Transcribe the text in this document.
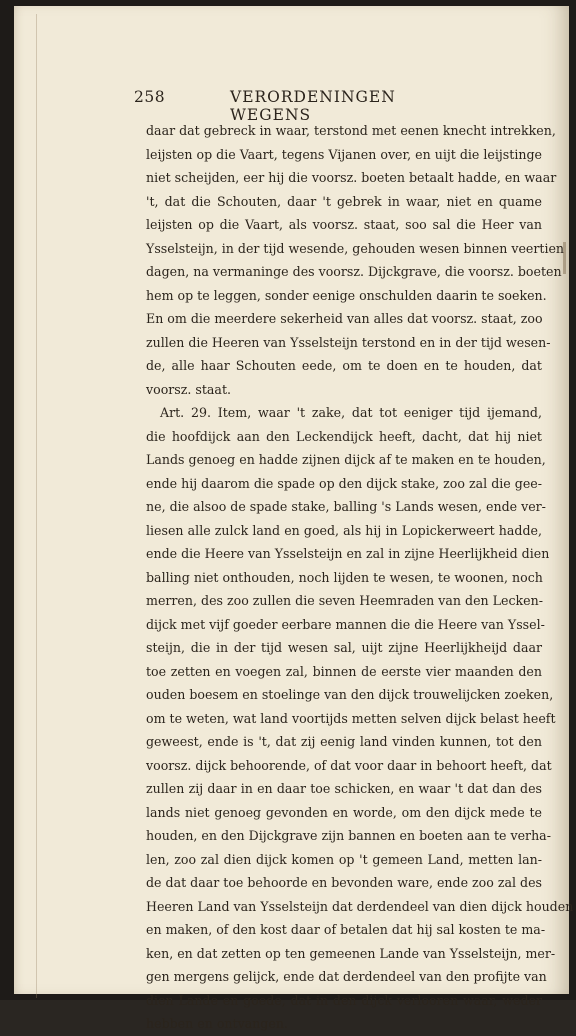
258	VERORDENINGEN WEGENS
daar dat gebreck in waar, terstond met eenen knecht intrekken,
leijsten op die Vaart, tegens Vijanen over, en uijt die leijstinge
niet scheijden, eer hij die voorsz. boeten betaalt hadde, en waar
't, dat die Schouten, daar 't gebrek in waar, niet en quame
leijsten op die Vaart, als voorsz. staat, soo sal die Heer van
Ysselsteijn, in der tijd wesende, gehouden wesen binnen veertien
dagen, na vermaninge des voorsz. Dijckgrave, die voorsz. boeten
hem op te leggen, sonder eenige onschulden daarin te soeken.
En om die meerdere sekerheid van alles dat voorsz. staat, zoo
zullen die Heeren van Ysselsteijn terstond en in der tijd wesen-
de, alle haar Schouten eede, om te doen en te houden, dat
voorsz. staat.
Art. 29. Item, waar 't zake, dat tot eeniger tijd ijemand,
die hoofdijck aan den Leckendijck heeft, dacht, dat hij niet
Lands genoeg en hadde zijnen dijck af te maken en te houden,
ende hij daarom die spade op den dijck stake, zoo zal die gee-
ne, die alsoo de spade stake, balling 's Lands wesen, ende ver-
liesen alle zulck land en goed, als hij in Lopickerweert hadde,
ende die Heere van Ysselsteijn en zal in zijne Heerlijkheid dien
balling niet onthouden, noch lijden te wesen, te woonen, noch
merren, des zoo zullen die seven Heemraden van den Lecken-
dijck met vijf goeder eerbare mannen die die Heere van Yssel-
steijn, die in der tijd wesen sal, uijt zijne Heerlijkheijd daar
toe zetten en voegen zal, binnen de eerste vier maanden den
ouden boesem en stoelinge van den dijck trouwelijcken zoeken,
om te weten, wat land voortijds metten selven dijck belast heeft
geweest, ende is 't, dat zij eenig land vinden kunnen, tot den
voorsz. dijck behoorende, of dat voor daar in behoort heeft, dat
zullen zij daar in en daar toe schicken, en waar 't dat dan des
lands niet genoeg gevonden en worde, om den dijck mede te
houden, en den Dijckgrave zijn bannen en boeten aan te verha-
len, zoo zal dien dijck komen op 't gemeen Land, metten lan-
de dat daar toe behoorde en bevonden ware, ende zoo zal des
Heeren Land van Ysselsteijn dat derdendeel van dien dijck houden
en maken, of den kost daar of betalen dat hij sal kosten te ma-
ken, en dat zetten op ten gemeenen Lande van Ysselsteijn, mer-
gen mergens gelijck, ende dat derdendeel van den profijte van
dien Lande en goede, dat in den dijck verlooren waar, weder
hebben en ontvangen.
